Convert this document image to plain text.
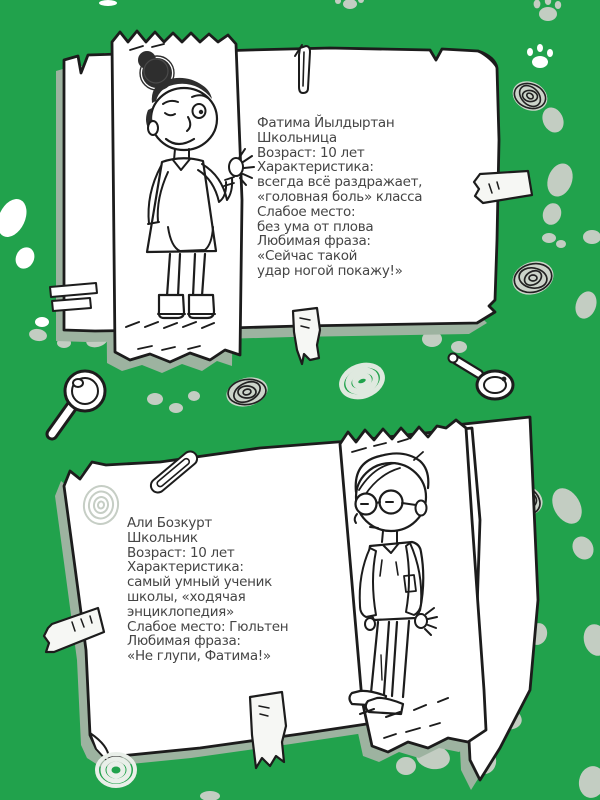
Фатима Йылдыртан
Школьница
Возраст: 10 лет
Характеристика:
всегда всё раздражает,
«головная боль» класса
Слабое место:
без ума от плова
Любимая фраза:
«Сейчас такой
удар ногой покажу!»
Али Бозкурт
Школьник
Возраст: 10 лет
Характеристика:
самый умный ученик
школы, «ходячая
энциклопедия»
Слабое место: Гюльтен
Любимая фраза:
«Не глупи, Фатима!»
